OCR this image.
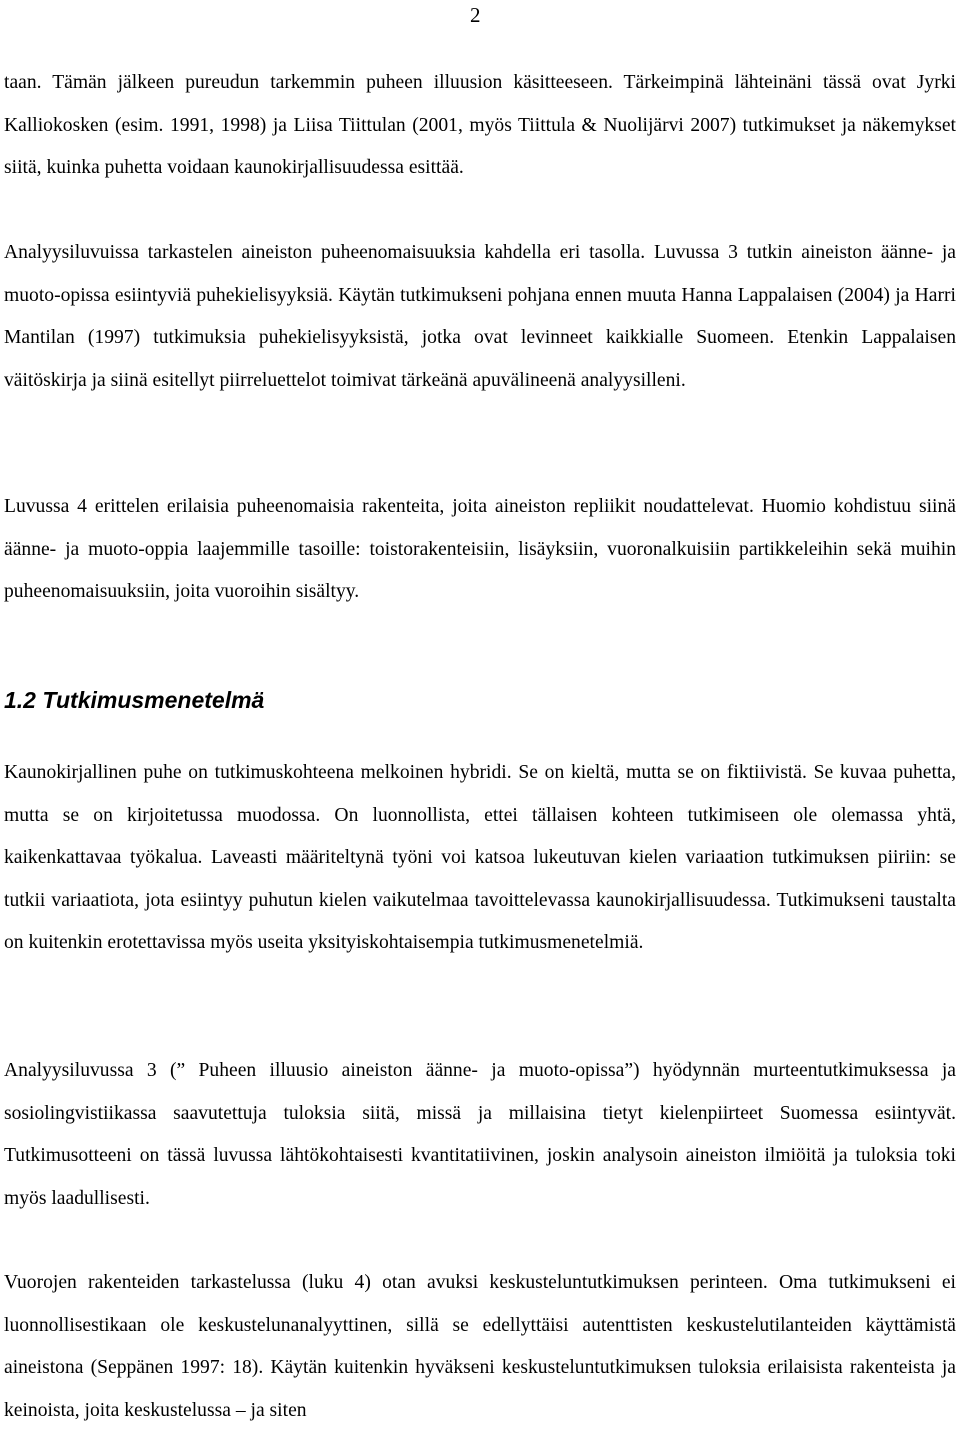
2

taan. Tämän jälkeen pureudun tarkemmin puheen illuusion käsitteeseen. Tärkeimpinä lähteinäni tässä ovat Jyrki Kalliokosken (esim. 1991, 1998) ja Liisa Tiittulan (2001, myös Tiittula & Nuolijärvi 2007) tutkimukset ja näkemykset siitä, kuinka puhetta voidaan kaunokirjallisuudessa esittää.

Analyysiluvuissa tarkastelen aineiston puheenomaisuuksia kahdella eri tasolla. Luvussa 3 tutkin aineiston äänne- ja muoto-opissa esiintyviä puhekielisyyksiä. Käytän tutkimukseni pohjana ennen muuta Hanna Lappalaisen (2004) ja Harri Mantilan (1997) tutkimuksia puhekielisyyksistä, jotka ovat levinneet kaikkialle Suomeen. Etenkin Lappalaisen väitöskirja ja siinä esitellyt piirreluettelot toimivat tärkeänä apuvälineenä analyysilleni.

Luvussa 4 erittelen erilaisia puheenomaisia rakenteita, joita aineiston repliikit noudattelevat. Huomio kohdistuu siinä äänne- ja muoto-oppia laajemmille tasoille: toistorakenteisiin, lisäyksiin, vuoronalkuisiin partikkeleihin sekä muihin puheenomaisuuksiin, joita vuoroihin sisältyy.

1.2 Tutkimusmenetelmä

Kaunokirjallinen puhe on tutkimuskohteena melkoinen hybridi. Se on kieltä, mutta se on fiktiivistä. Se kuvaa puhetta, mutta se on kirjoitetussa muodossa. On luonnollista, ettei tällaisen kohteen tutkimiseen ole olemassa yhtä, kaikenkattavaa työkalua. Laveasti määriteltynä työni voi katsoa lukeutuvan kielen variaation tutkimuksen piiriin: se tutkii variaatiota, jota esiintyy puhutun kielen vaikutelmaa tavoittelevassa kaunokirjallisuudessa. Tutkimukseni taustalta on kuitenkin erotettavissa myös useita yksityiskohtaisempia tutkimusmenetelmiä.

Analyysiluvussa 3 (” Puheen illuusio aineiston äänne- ja muoto-opissa”) hyödynnän murteentutkimuksessa ja sosiolingvistiikassa saavutettuja tuloksia siitä, missä ja millaisina tietyt kielenpiirteet Suomessa esiintyvät. Tutkimusotteeni on tässä luvussa lähtökohtaisesti kvantitatiivinen, joskin analysoin aineiston ilmiöitä ja tuloksia toki myös laadullisesti.

Vuorojen rakenteiden tarkastelussa (luku 4) otan avuksi keskusteluntutkimuksen perinteen. Oma tutkimukseni ei luonnollisestikaan ole keskustelunanalyyttinen, sillä se edellyttäisi autenttisten keskustelutilanteiden käyttämistä aineistona (Seppänen 1997: 18). Käytän kuitenkin hyväkseni keskusteluntutkimuksen tuloksia erilaisista rakenteista ja keinoista, joita keskustelussa – ja siten
